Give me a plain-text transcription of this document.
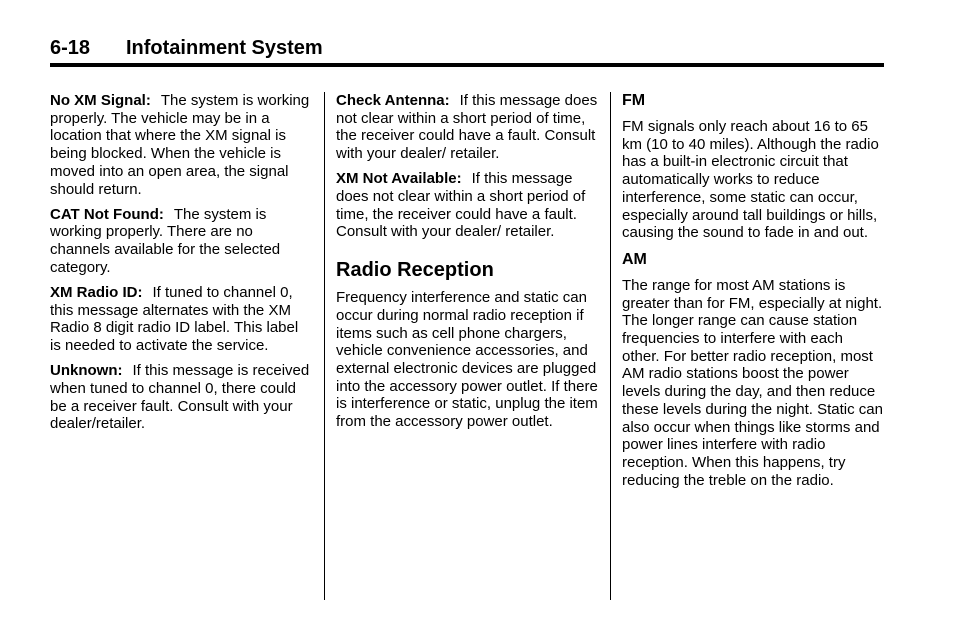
6-18 Infotainment System

No XM Signal: The system is working properly. The vehicle may be in a location that where the XM signal is being blocked. When the vehicle is moved into an open area, the signal should return.

CAT Not Found: The system is working properly. There are no channels available for the selected category.

XM Radio ID: If tuned to channel 0, this message alternates with the XM Radio 8 digit radio ID label. This label is needed to activate the service.

Unknown: If this message is received when tuned to channel 0, there could be a receiver fault. Consult with your dealer/retailer.

Check Antenna: If this message does not clear within a short period of time, the receiver could have a fault. Consult with your dealer/ retailer.

XM Not Available: If this message does not clear within a short period of time, the receiver could have a fault. Consult with your dealer/ retailer.

Radio Reception

Frequency interference and static can occur during normal radio reception if items such as cell phone chargers, vehicle convenience accessories, and external electronic devices are plugged into the accessory power outlet. If there is interference or static, unplug the item from the accessory power outlet.

FM

FM signals only reach about 16 to 65 km (10 to 40 miles). Although the radio has a built-in electronic circuit that automatically works to reduce interference, some static can occur, especially around tall buildings or hills, causing the sound to fade in and out.

AM

The range for most AM stations is greater than for FM, especially at night. The longer range can cause station frequencies to interfere with each other. For better radio reception, most AM radio stations boost the power levels during the day, and then reduce these levels during the night. Static can also occur when things like storms and power lines interfere with radio reception. When this happens, try reducing the treble on the radio.
